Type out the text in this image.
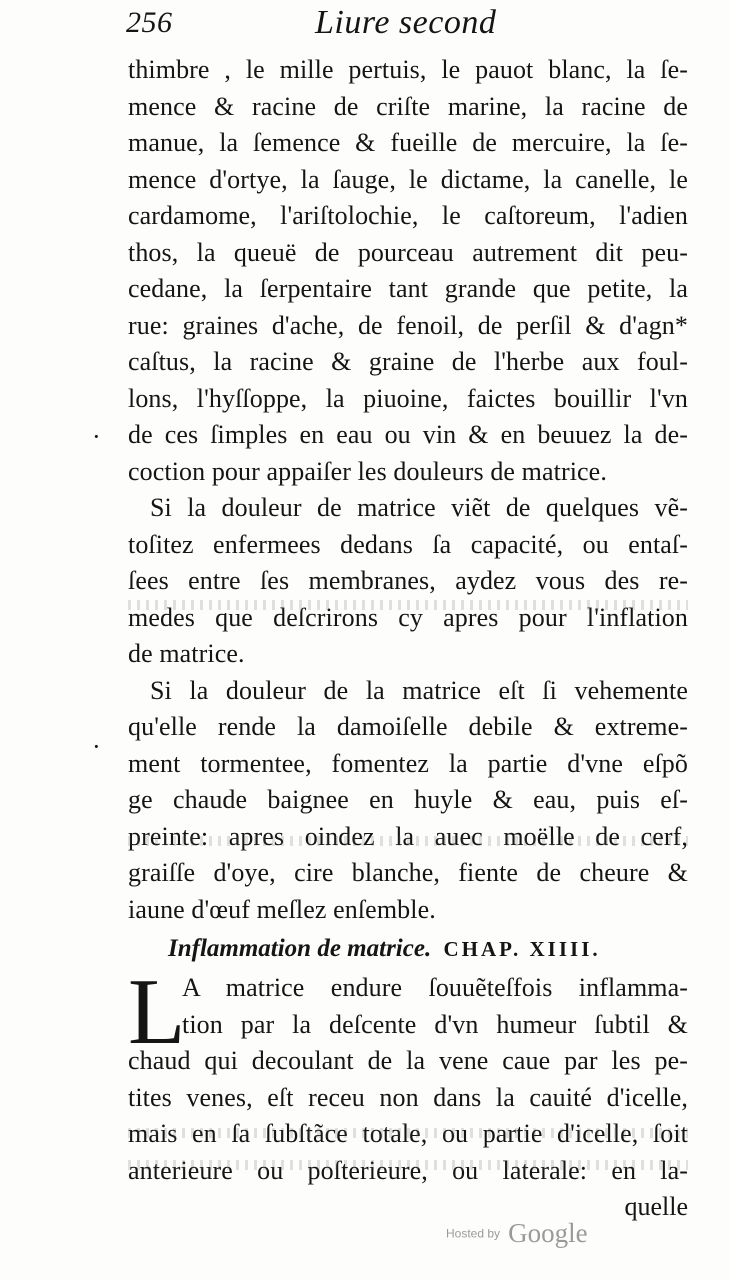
256	Liure second
·
·
thimbre , le mille pertuis, le pauot blanc, la ſe-
mence & racine de criſte marine, la racine de
manue, la ſemence & fueille de mercuire, la ſe-
mence d'ortye, la ſauge, le dictame, la canelle, le
cardamome, l'ariſtolochie, le caſtoreum, l'adien
thos, la queuë de pourceau autrement dit peu-
cedane, la ſerpentaire tant grande que petite, la
rue: graines d'ache, de fenoil, de perſil & d'agn*
caſtus, la racine & graine de l'herbe aux foul-
lons, l'hyſſoppe, la piuoine, faictes bouillir l'vn
de ces ſimples en eau ou vin & en beuuez la de-
coction pour appaiſer les douleurs de matrice.
Si la douleur de matrice viẽt de quelques vẽ-
toſitez enfermees dedans ſa capacité, ou entaſ-
ſees entre ſes membranes, aydez vous des re-
medes que deſcrirons cy apres pour l'inflation
de matrice.
Si la douleur de la matrice eſt ſi vehemente
qu'elle rende la damoiſelle debile & extreme-
ment tormentee, fomentez la partie d'vne eſpõ
ge chaude baignee en huyle & eau, puis eſ-
preinte: apres oindez la auec moëlle de cerf,
graiſſe d'oye, cire blanche, fiente de cheure &
iaune d'œuf meſlez enſemble.
Inflammation de matrice. CHAP. XIIII.
L
A matrice endure ſouuẽteſfois inflamma-
tion par la deſcente d'vn humeur ſubtil &
chaud qui decoulant de la vene caue par les pe-
tites venes, eſt receu non dans la cauité d'icelle,
mais en ſa ſubſtãce totale, ou partie d'icelle, ſoit
anterieure ou poſterieure, ou laterale: en la-
quelle
Hosted by Google
